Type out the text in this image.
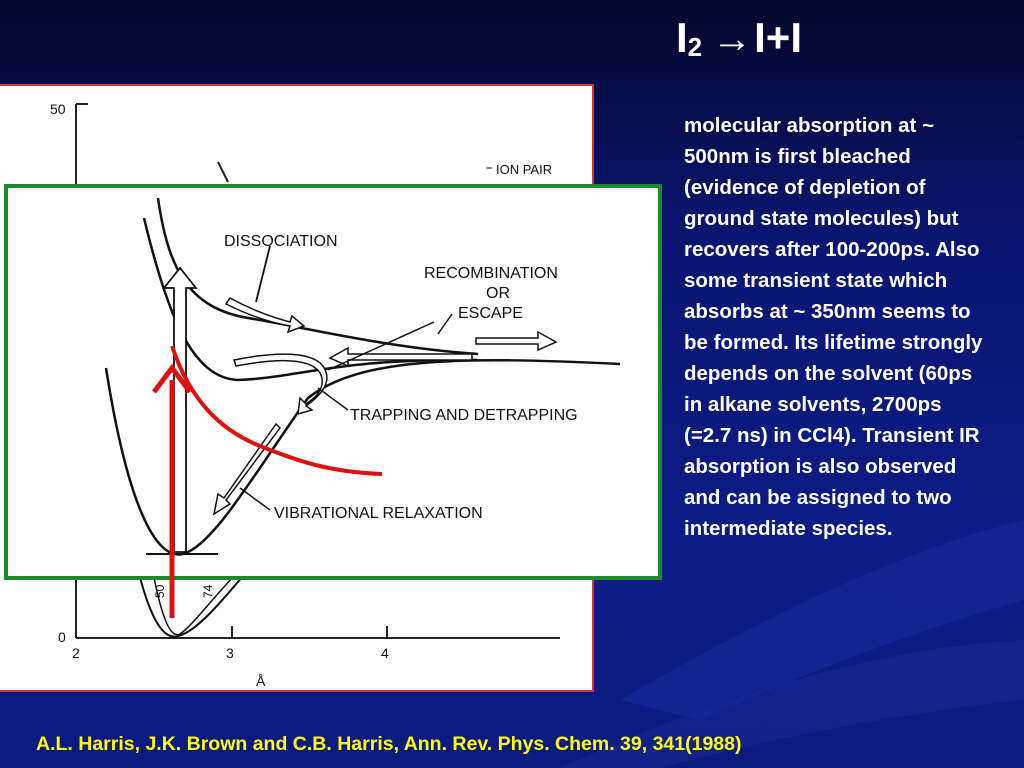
$I_2 \to I+I$
50
0
2	3	4
Å
ION PAIR
50	74
DISSOCIATION
RECOMBINATION
OR
ESCAPE
TRAPPING AND DETRAPPING
VIBRATIONAL RELAXATION
molecular absorption at ~ 500nm is first bleached (evidence of depletion of ground state molecules) but recovers after 100-200ps. Also some transient state which absorbs at ~ 350nm seems to be formed. Its lifetime strongly depends on the solvent (60ps in alkane solvents, 2700ps (=2.7 ns) in CCl4). Transient IR absorption is also observed and can be assigned to two intermediate species.
A.L. Harris, J.K. Brown and C.B. Harris, Ann. Rev. Phys. Chem. 39, 341(1988)
